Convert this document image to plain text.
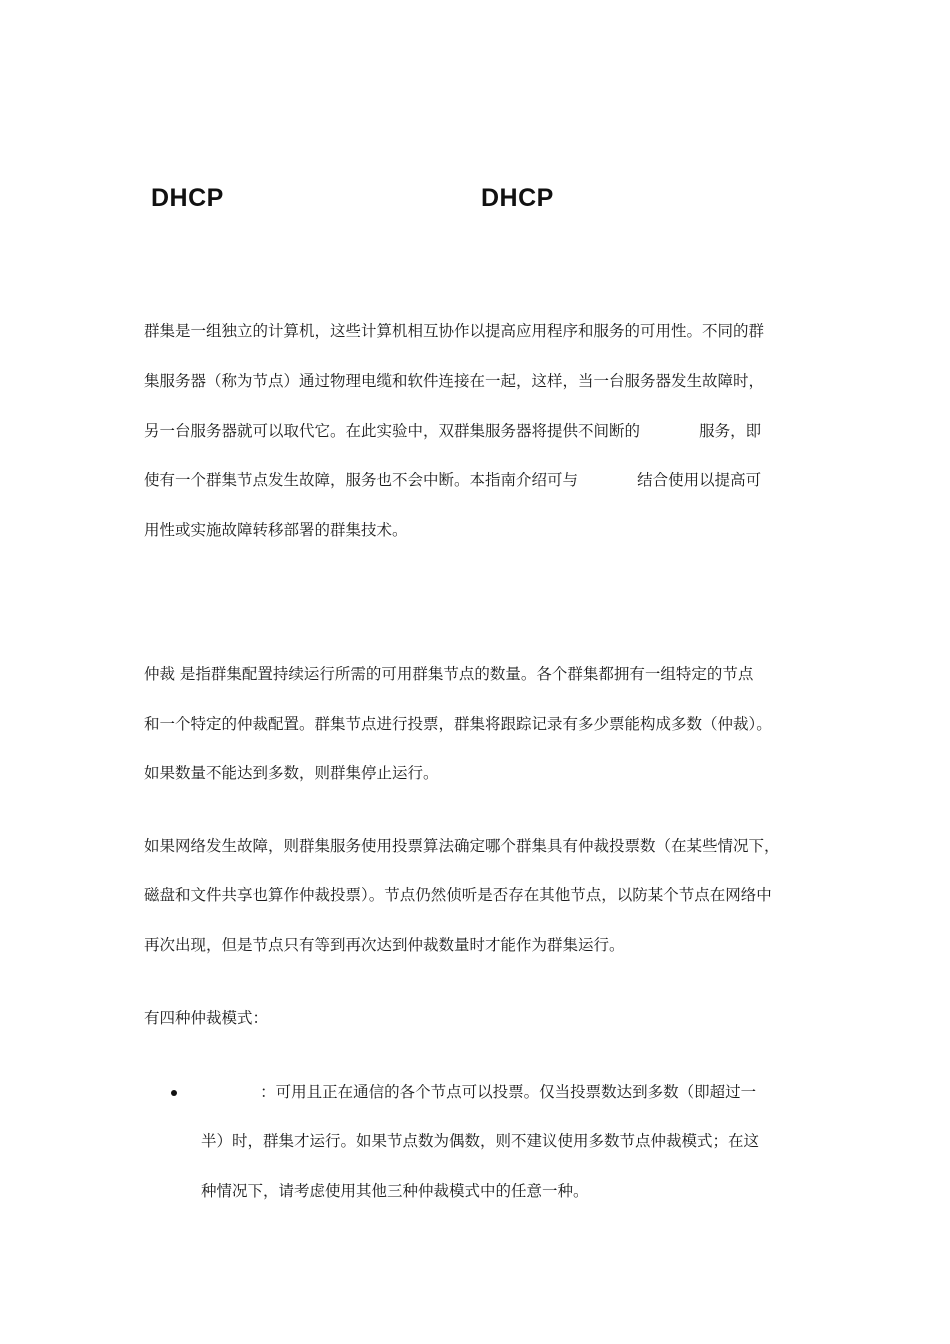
DHCP	DHCP
群集是一组独立的计算机，这些计算机相互协作以提高应用程序和服务的可用性。不同的群
集服务器（称为节点）通过物理电缆和软件连接在一起，这样，当一台服务器发生故障时，
另一台服务器就可以取代它。在此实验中，双群集服务器将提供不间断的            服务，即
使有一个群集节点发生故障，服务也不会中断。本指南介绍可与            结合使用以提高可
用性或实施故障转移部署的群集技术。
仲裁 是指群集配置持续运行所需的可用群集节点的数量。各个群集都拥有一组特定的节点
和一个特定的仲裁配置。群集节点进行投票，群集将跟踪记录有多少票能构成多数（仲裁）。
如果数量不能达到多数，则群集停止运行。
如果网络发生故障，则群集服务使用投票算法确定哪个群集具有仲裁投票数（在某些情况下，
磁盘和文件共享也算作仲裁投票）。节点仍然侦听是否存在其他节点，以防某个节点在网络中
再次出现，但是节点只有等到再次达到仲裁数量时才能作为群集运行。
有四种仲裁模式：
：可用且正在通信的各个节点可以投票。仅当投票数达到多数（即超过一
半）时，群集才运行。如果节点数为偶数，则不建议使用多数节点仲裁模式；在这
种情况下，请考虑使用其他三种仲裁模式中的任意一种。
